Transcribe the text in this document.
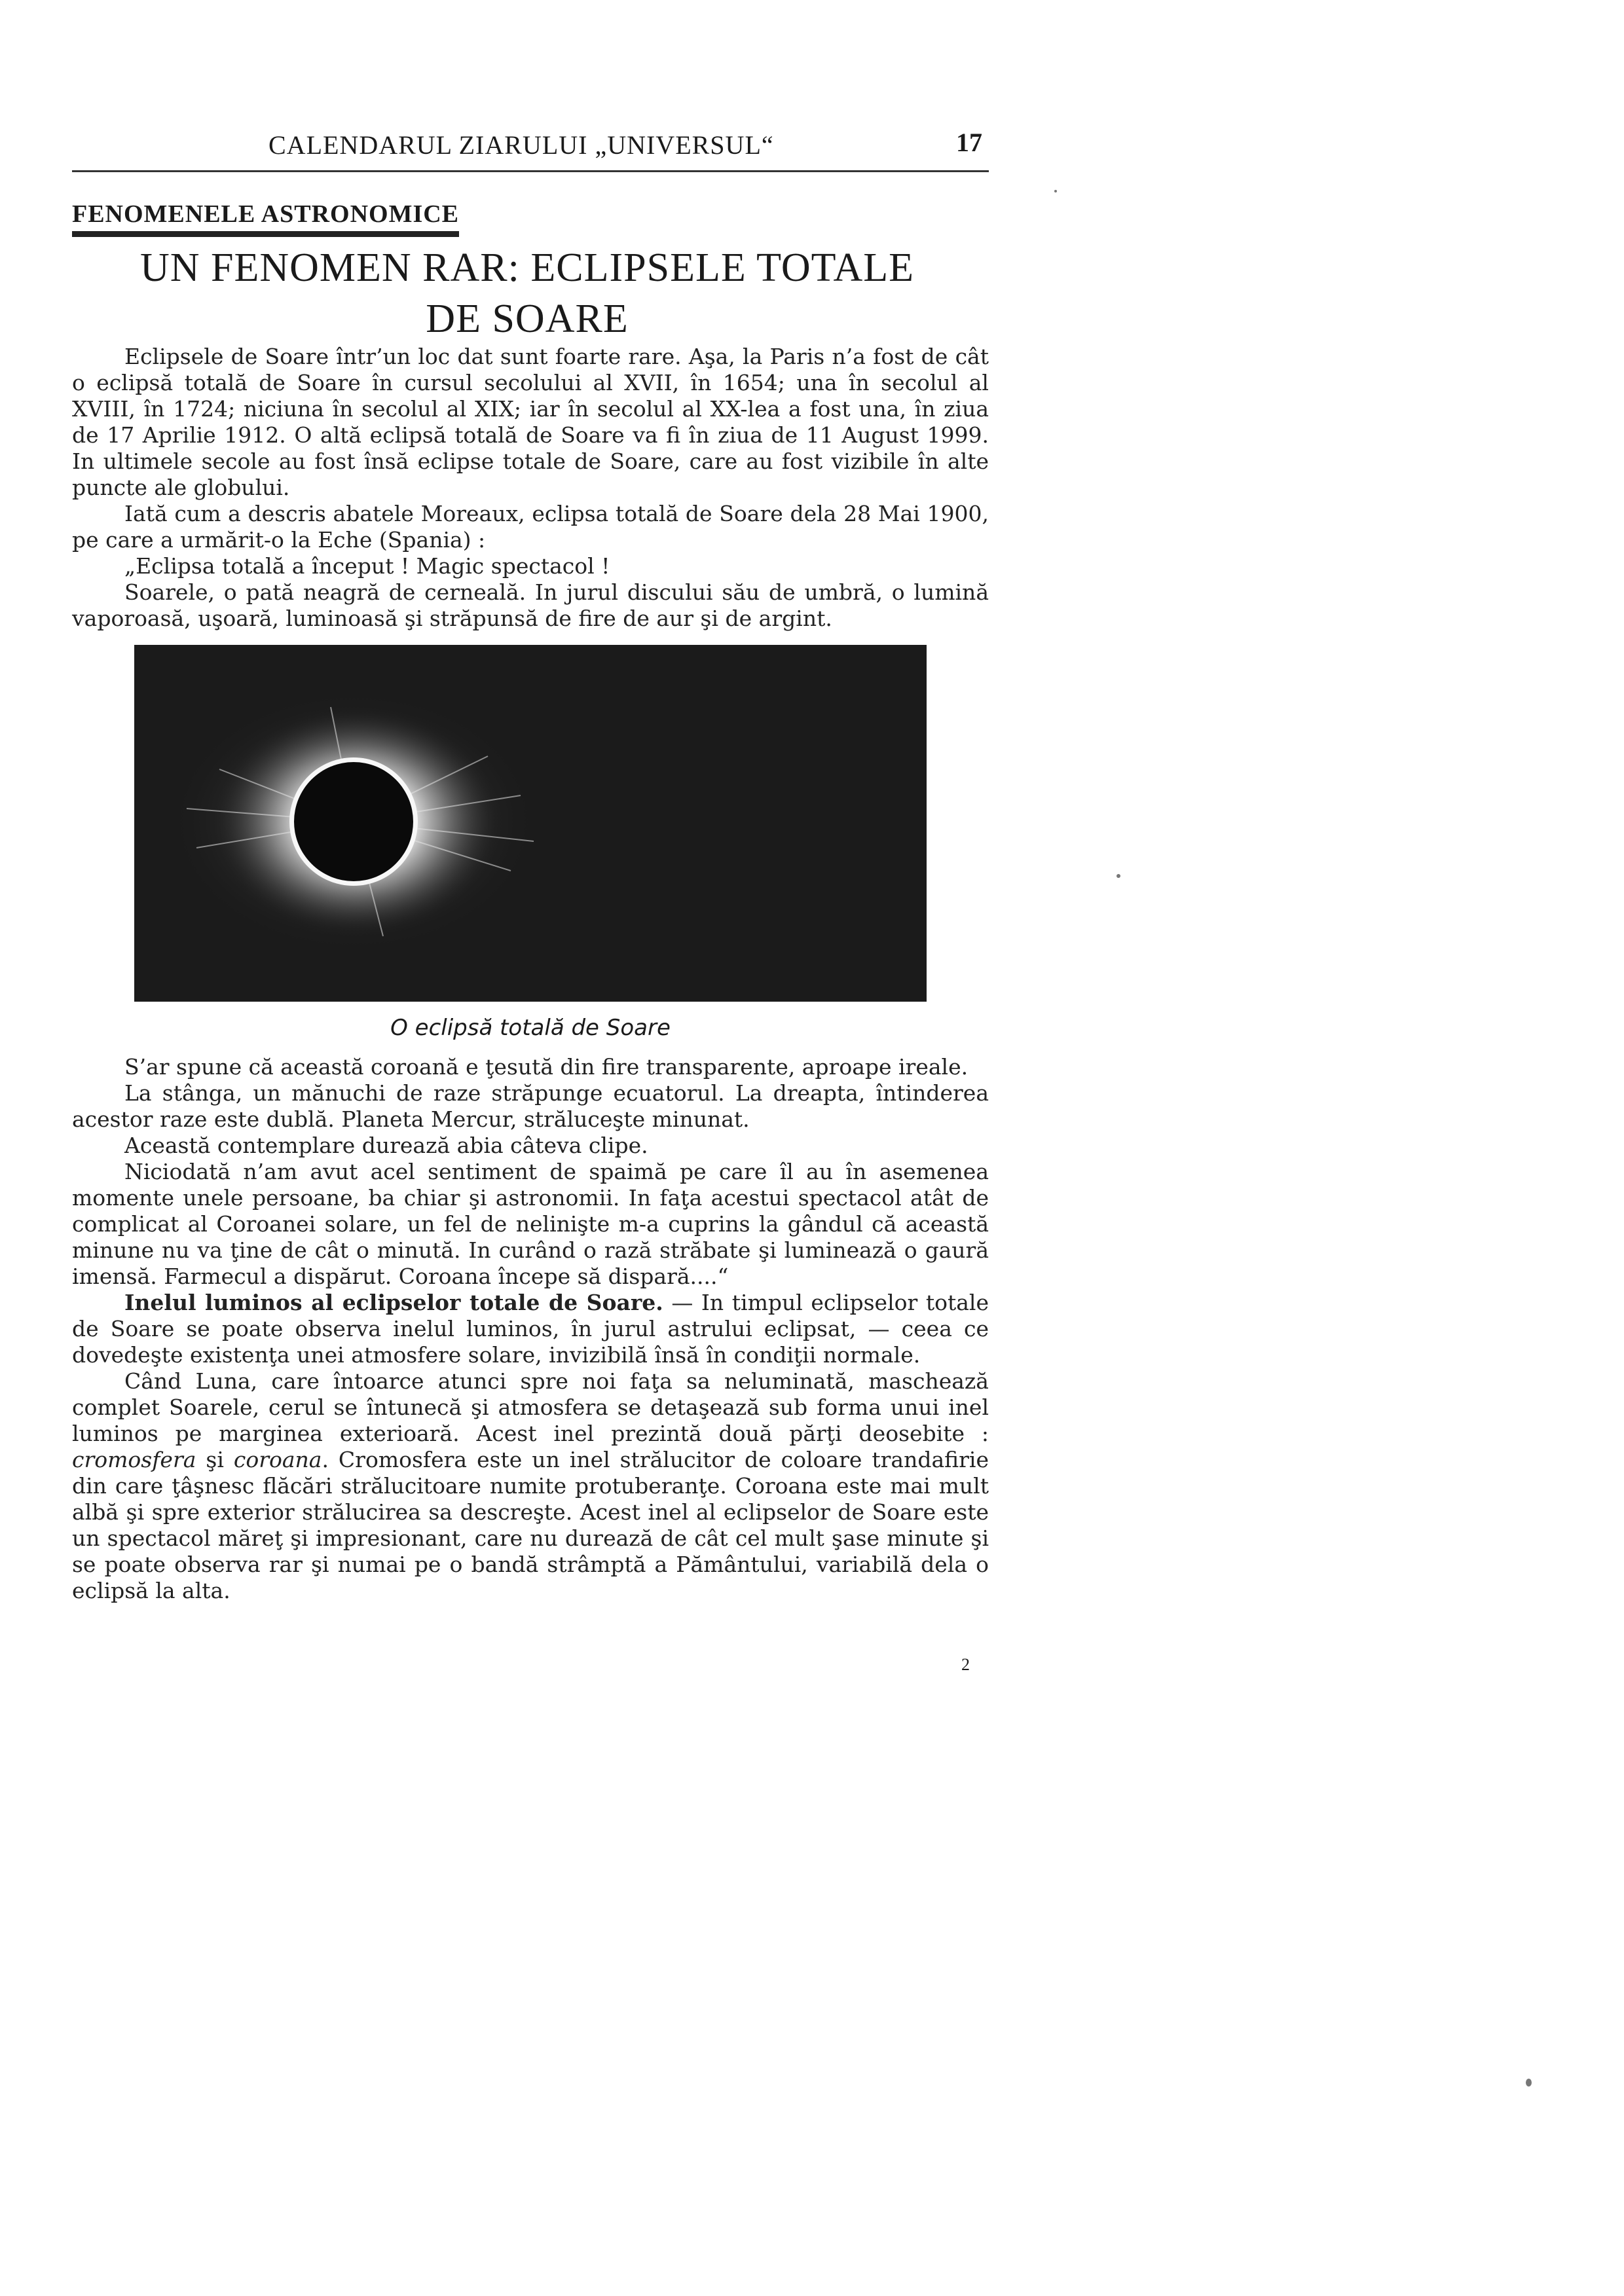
CALENDARUL ZIARULUI „UNIVERSUL“	17
FENOMENELE ASTRONOMICE
UN FENOMEN RAR: ECLIPSELE TOTALE DE SOARE

Eclipsele de Soare într’un loc dat sunt foarte rare. Aşa, la Paris n’a fost de cât o eclipsă totală de Soare în cursul secolului al XVII, în 1654; una în secolul al XVIII, în 1724; niciuna în secolul al XIX; iar în secolul al XX-lea a fost una, în ziua de 17 Aprilie 1912. O altă eclipsă totală de Soare va fi în ziua de 11 August 1999. In ultimele secole au fost însă eclipse totale de Soare, care au fost vizibile în alte puncte ale globului.

Iată cum a descris abatele Moreaux, eclipsa totală de Soare dela 28 Mai 1900, pe care a urmărit-o la Eche (Spania) :

„Eclipsa totală a început ! Magic spectacol !

Soarele, o pată neagră de cerneală. In jurul discului său de umbră, o lumină vaporoasă, uşoară, luminoasă şi străpunsă de fire de aur şi de argint.

O eclipsă totală de Soare

S’ar spune că această coroană e ţesută din fire transparente, aproape ireale.

La stânga, un mănuchi de raze străpunge ecuatorul. La dreapta, întinderea acestor raze este dublă. Planeta Mercur, străluceşte minunat.

Această contemplare durează abia câteva clipe.

Niciodată n’am avut acel sentiment de spaimă pe care îl au în asemenea momente unele persoane, ba chiar şi astronomii. In faţa acestui spectacol atât de complicat al Coroanei solare, un fel de nelinişte m-a cuprins la gândul că această minune nu va ţine de cât o minută. In curând o rază străbate şi luminează o gaură imensă. Farmecul a dispărut. Coroana începe să dispară....“

Inelul luminos al eclipselor totale de Soare. — In timpul eclipselor totale de Soare se poate observa inelul luminos, în jurul astrului eclipsat, — ceea ce dovedeşte existenţa unei atmosfere solare, invizibilă însă în condiţii normale.

Când Luna, care întoarce atunci spre noi faţa sa neluminată, maschează complet Soarele, cerul se întunecă şi atmosfera se detaşează sub forma unui inel luminos pe marginea exterioară. Acest inel prezintă două părţi deosebite : cromosfera şi coroana. Cromosfera este un inel strălucitor de coloare trandafirie din care ţâşnesc flăcări strălucitoare numite protuberanţe. Coroana este mai mult albă şi spre exterior strălucirea sa descreşte. Acest inel al eclipselor de Soare este un spectacol măreţ şi impresionant, care nu durează de cât cel mult şase minute şi se poate observa rar şi numai pe o bandă strâmptă a Pământului, variabilă dela o eclipsă la alta.

2
